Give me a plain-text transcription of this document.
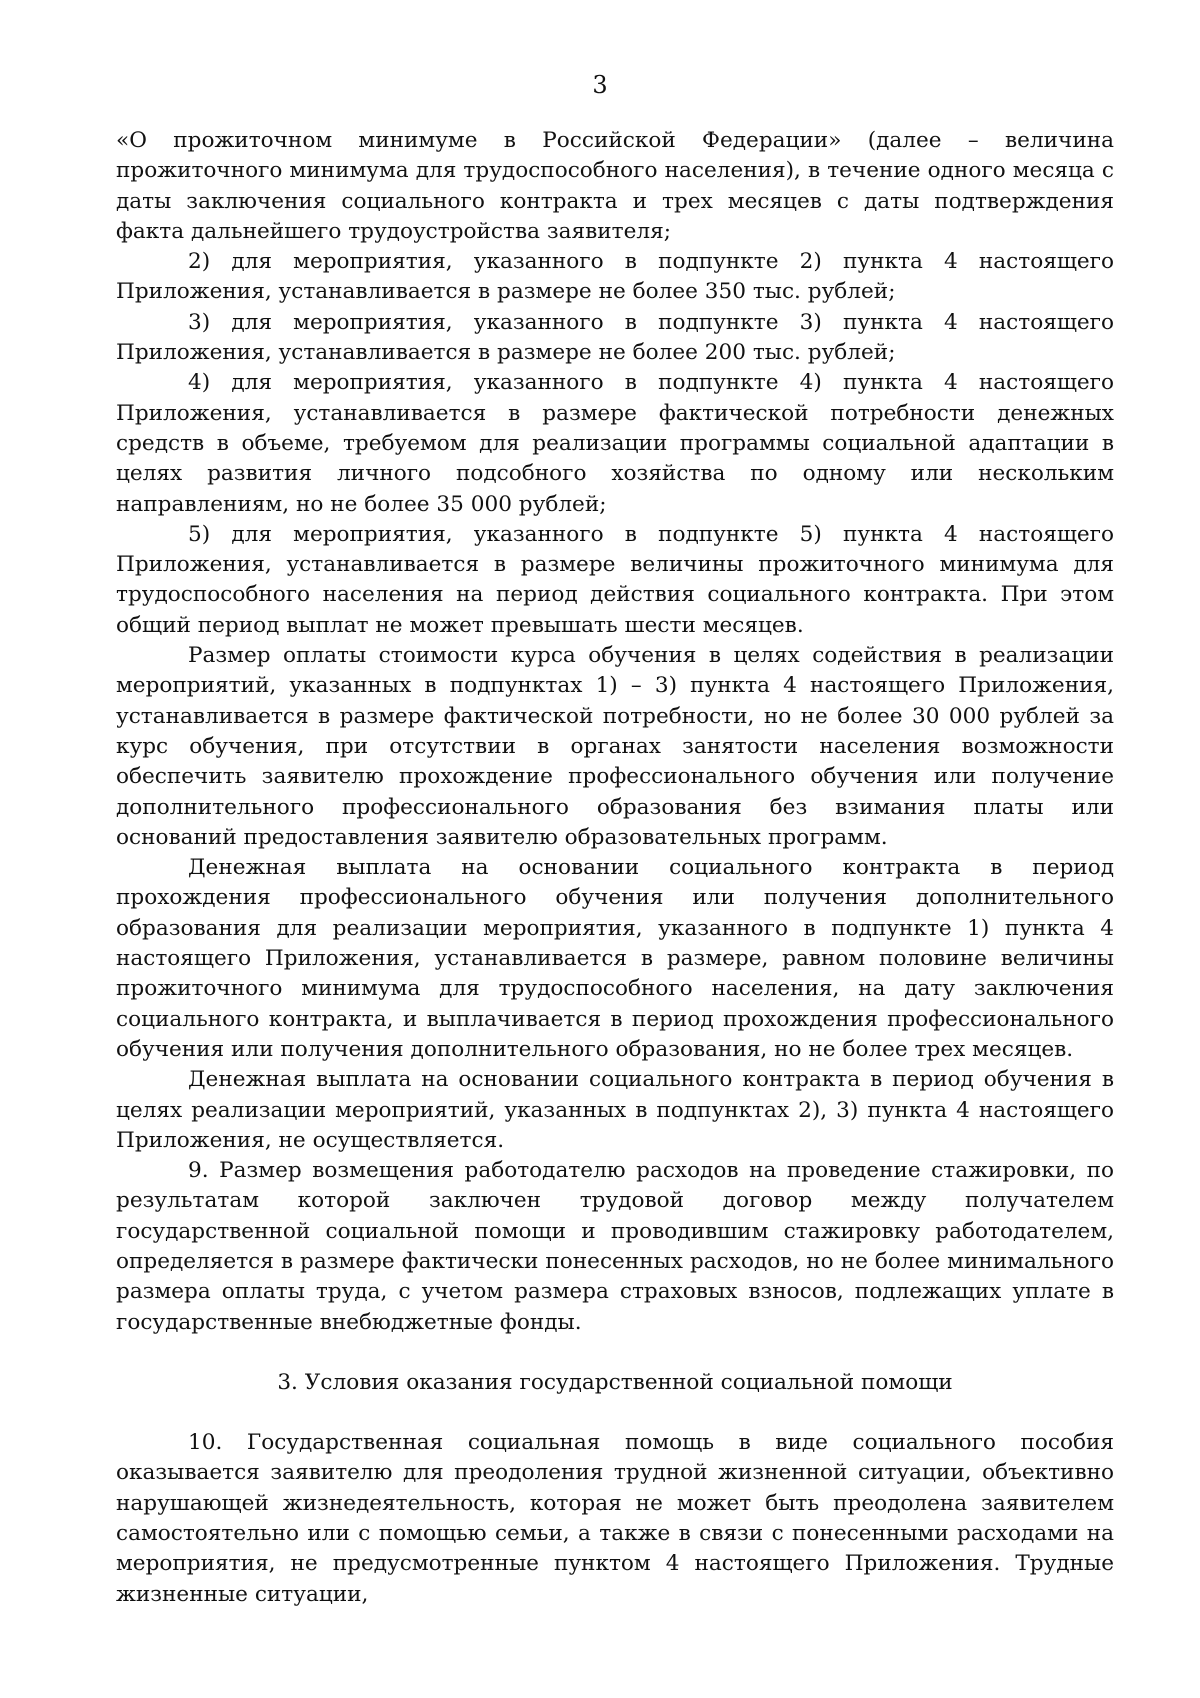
3

«О прожиточном минимуме в Российской Федерации» (далее – величина прожиточного минимума для трудоспособного населения), в течение одного месяца с даты заключения социального контракта и трех месяцев с даты подтверждения факта дальнейшего трудоустройства заявителя;

2) для мероприятия, указанного в подпункте 2) пункта 4 настоящего Приложения, устанавливается в размере не более 350 тыс. рублей;

3) для мероприятия, указанного в подпункте 3) пункта 4 настоящего Приложения, устанавливается в размере не более 200 тыс. рублей;

4) для мероприятия, указанного в подпункте 4) пункта 4 настоящего Приложения, устанавливается в размере фактической потребности денежных средств в объеме, требуемом для реализации программы социальной адаптации в целях развития личного подсобного хозяйства по одному или нескольким направлениям, но не более 35 000 рублей;

5) для мероприятия, указанного в подпункте 5) пункта 4 настоящего Приложения, устанавливается в размере величины прожиточного минимума для трудоспособного населения на период действия социального контракта. При этом общий период выплат не может превышать шести месяцев.

Размер оплаты стоимости курса обучения в целях содействия в реализации мероприятий, указанных в подпунктах 1) – 3) пункта 4 настоящего Приложения, устанавливается в размере фактической потребности, но не более 30 000 рублей за курс обучения, при отсутствии в органах занятости населения возможности обеспечить заявителю прохождение профессионального обучения или получение дополнительного профессионального образования без взимания платы или оснований предоставления заявителю образовательных программ.

Денежная выплата на основании социального контракта в период прохождения профессионального обучения или получения дополнительного образования для реализации мероприятия, указанного в подпункте 1) пункта 4 настоящего Приложения, устанавливается в размере, равном половине величины прожиточного минимума для трудоспособного населения, на дату заключения социального контракта, и выплачивается в период прохождения профессионального обучения или получения дополнительного образования, но не более трех месяцев.

Денежная выплата на основании социального контракта в период обучения в целях реализации мероприятий, указанных в подпунктах 2), 3) пункта 4 настоящего Приложения, не осуществляется.

9. Размер возмещения работодателю расходов на проведение стажировки, по результатам которой заключен трудовой договор между получателем государственной социальной помощи и проводившим стажировку работодателем, определяется в размере фактически понесенных расходов, но не более минимального размера оплаты труда, с учетом размера страховых взносов, подлежащих уплате в государственные внебюджетные фонды.

3. Условия оказания государственной социальной помощи

10. Государственная социальная помощь в виде социального пособия оказывается заявителю для преодоления трудной жизненной ситуации, объективно нарушающей жизнедеятельность, которая не может быть преодолена заявителем самостоятельно или с помощью семьи, а также в связи с понесенными расходами на мероприятия, не предусмотренные пунктом 4 настоящего Приложения. Трудные жизненные ситуации,
